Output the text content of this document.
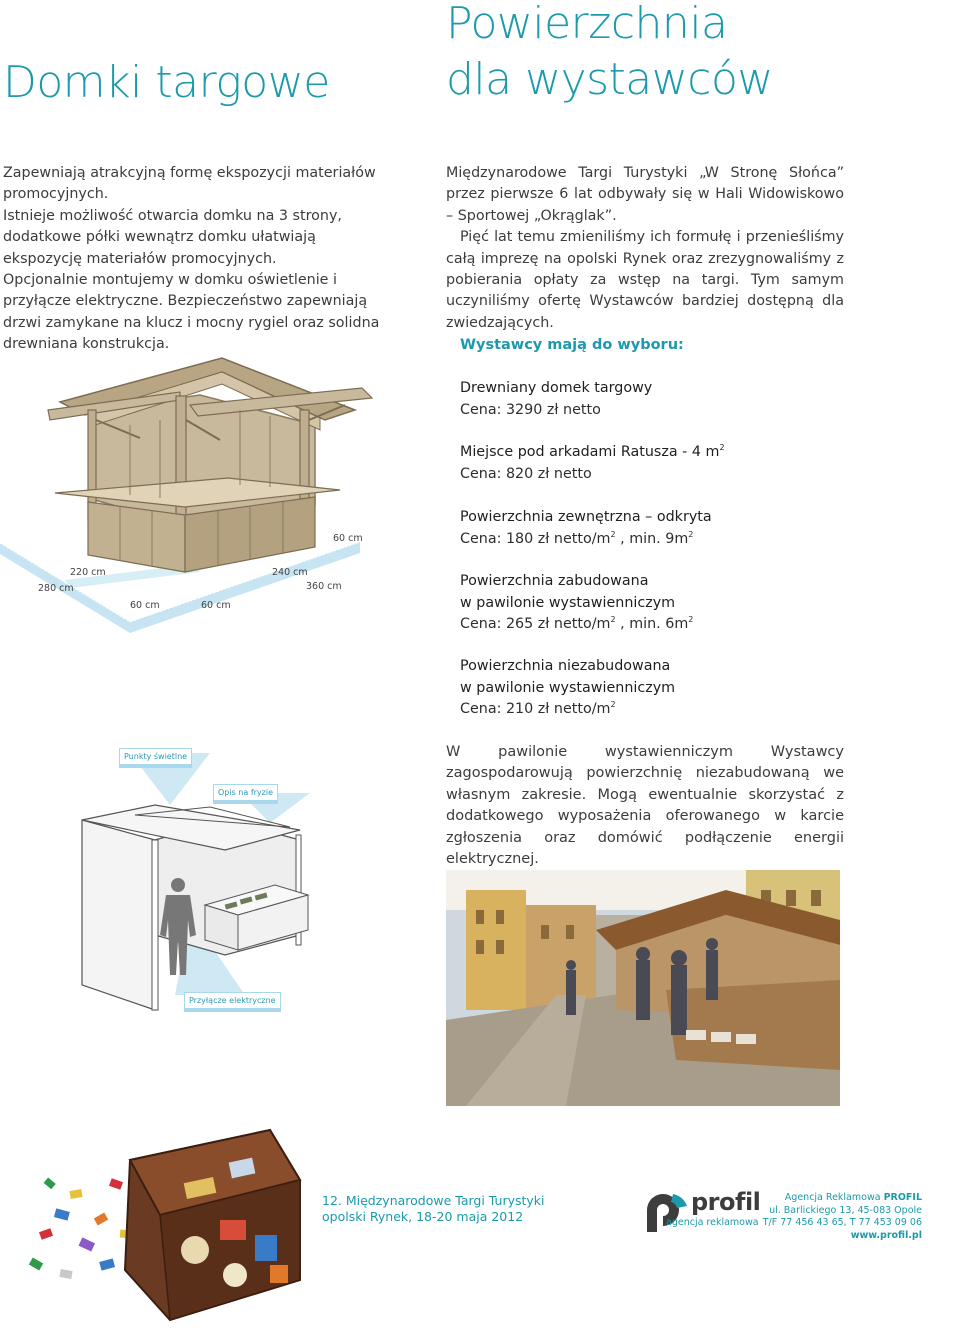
Domki targowe
Powierzchnia
dla wystawców

Zapewniają atrakcyjną formę ekspozycji materiałów promocyjnych.

Istnieje możliwość otwarcia domku na 3 strony, dodatkowe półki wewnątrz domku ułatwiają ekspozycję materiałów promocyjnych.

Opcjonalnie montujemy w domku oświetlenie i przyłącze elektryczne. Bezpieczeństwo zapewniają drzwi zamykane na klucz i mocny rygiel oraz solidna drewniana konstrukcja.

Międzynarodowe Targi Turystyki „W Stronę Słońca” przez pierwsze 6 lat odbywały się w Hali Widowiskowo – Sportowej „Okrąglak”.

Pięć lat temu zmieniliśmy ich formułę i przenieśliśmy całą imprezę na opolski Rynek oraz zrezygnowaliśmy z pobierania opłaty za wstęp na targi. Tym samym uczyniliśmy ofertę Wystawców bardziej dostępną dla zwiedzających.

Wystawcy mają do wyboru:
Drewniany domek targowy
Cena: 3290 zł netto
Miejsce pod arkadami Ratusza - 4 $m^2$
Cena: 820 zł netto
Powierzchnia zewnętrzna – odkryta
Cena: 180 zł netto/$m^2$ , min. $9m^2$
Powierzchnia zabudowana
w pawilonie wystawienniczym
Cena: 265 zł netto/$m^2$ , min. $6m^2$
Powierzchnia niezabudowana
w pawilonie wystawienniczym
Cena: 210 zł netto/$m^2$
W pawilonie wystawienniczym Wystawcy zagospodarowują powierzchnię niezabudowaną we własnym zakresie. Mogą ewentualnie skorzystać z dodatkowego wyposażenia oferowanego w karcie zgłoszenia oraz domówić podłączenie energii elektrycznej.
60 cm
220 cm
280 cm
60 cm	60 cm
240 cm
360 cm
Punkty świetlne
Opis na fryzie
Przyłącze elektryczne
12. Międzynarodowe Targi Turystyki
opolski Rynek, 18-20 maja 2012
profil
agencja reklamowa
Agencja Reklamowa PROFIL
ul. Barlickiego 13, 45-083 Opole
T/F 77 456 43 65, T 77 453 09 06
www.profil.pl
